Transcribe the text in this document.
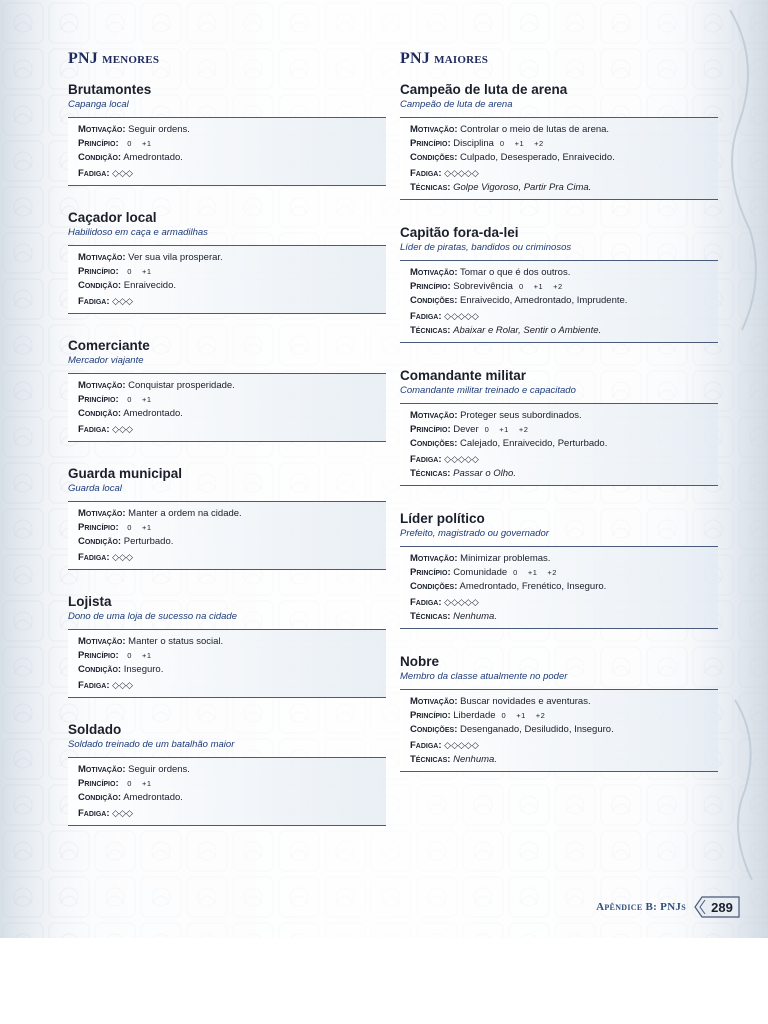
PNJ menores
Brutamontes
Capanga local
Motivação: Seguir ordens.
Princípio: 0 +1
Condição: Amedrontado.
Fadiga: ◇◇◇
Caçador local
Habilidoso em caça e armadilhas
Motivação: Ver sua vila prosperar.
Princípio: 0 +1
Condição: Enraivecido.
Fadiga: ◇◇◇
Comerciante
Mercador viajante
Motivação: Conquistar prosperidade.
Princípio: 0 +1
Condição: Amedrontado.
Fadiga: ◇◇◇
Guarda municipal
Guarda local
Motivação: Manter a ordem na cidade.
Princípio: 0 +1
Condição: Perturbado.
Fadiga: ◇◇◇
Lojista
Dono de uma loja de sucesso na cidade
Motivação: Manter o status social.
Princípio: 0 +1
Condição: Inseguro.
Fadiga: ◇◇◇
Soldado
Soldado treinado de um batalhão maior
Motivação: Seguir ordens.
Princípio: 0 +1
Condição: Amedrontado.
Fadiga: ◇◇◇
PNJ maiores
Campeão de luta de arena
Campeão de luta de arena
Motivação: Controlar o meio de lutas de arena.
Princípio: Disciplina 0 +1 +2
Condições: Culpado, Desesperado, Enraivecido.
Fadiga: ◇◇◇◇◇
Técnicas: Golpe Vigoroso, Partir Pra Cima.
Capitão fora-da-lei
Líder de piratas, bandidos ou criminosos
Motivação: Tomar o que é dos outros.
Princípio: Sobrevivência 0 +1 +2
Condições: Enraivecido, Amedrontado, Imprudente.
Fadiga: ◇◇◇◇◇
Técnicas: Abaixar e Rolar, Sentir o Ambiente.
Comandante militar
Comandante militar treinado e capacitado
Motivação: Proteger seus subordinados.
Princípio: Dever 0 +1 +2
Condições: Calejado, Enraivecido, Perturbado.
Fadiga: ◇◇◇◇◇
Técnicas: Passar o Olho.
Líder político
Prefeito, magistrado ou governador
Motivação: Minimizar problemas.
Princípio: Comunidade 0 +1 +2
Condições: Amedrontado, Frenético, Inseguro.
Fadiga: ◇◇◇◇◇
Técnicas: Nenhuma.
Nobre
Membro da classe atualmente no poder
Motivação: Buscar novidades e aventuras.
Princípio: Liberdade 0 +1 +2
Condições: Desenganado, Desiludido, Inseguro.
Fadiga: ◇◇◇◇◇
Técnicas: Nenhuma.
Apêndice B: PNJs	289
